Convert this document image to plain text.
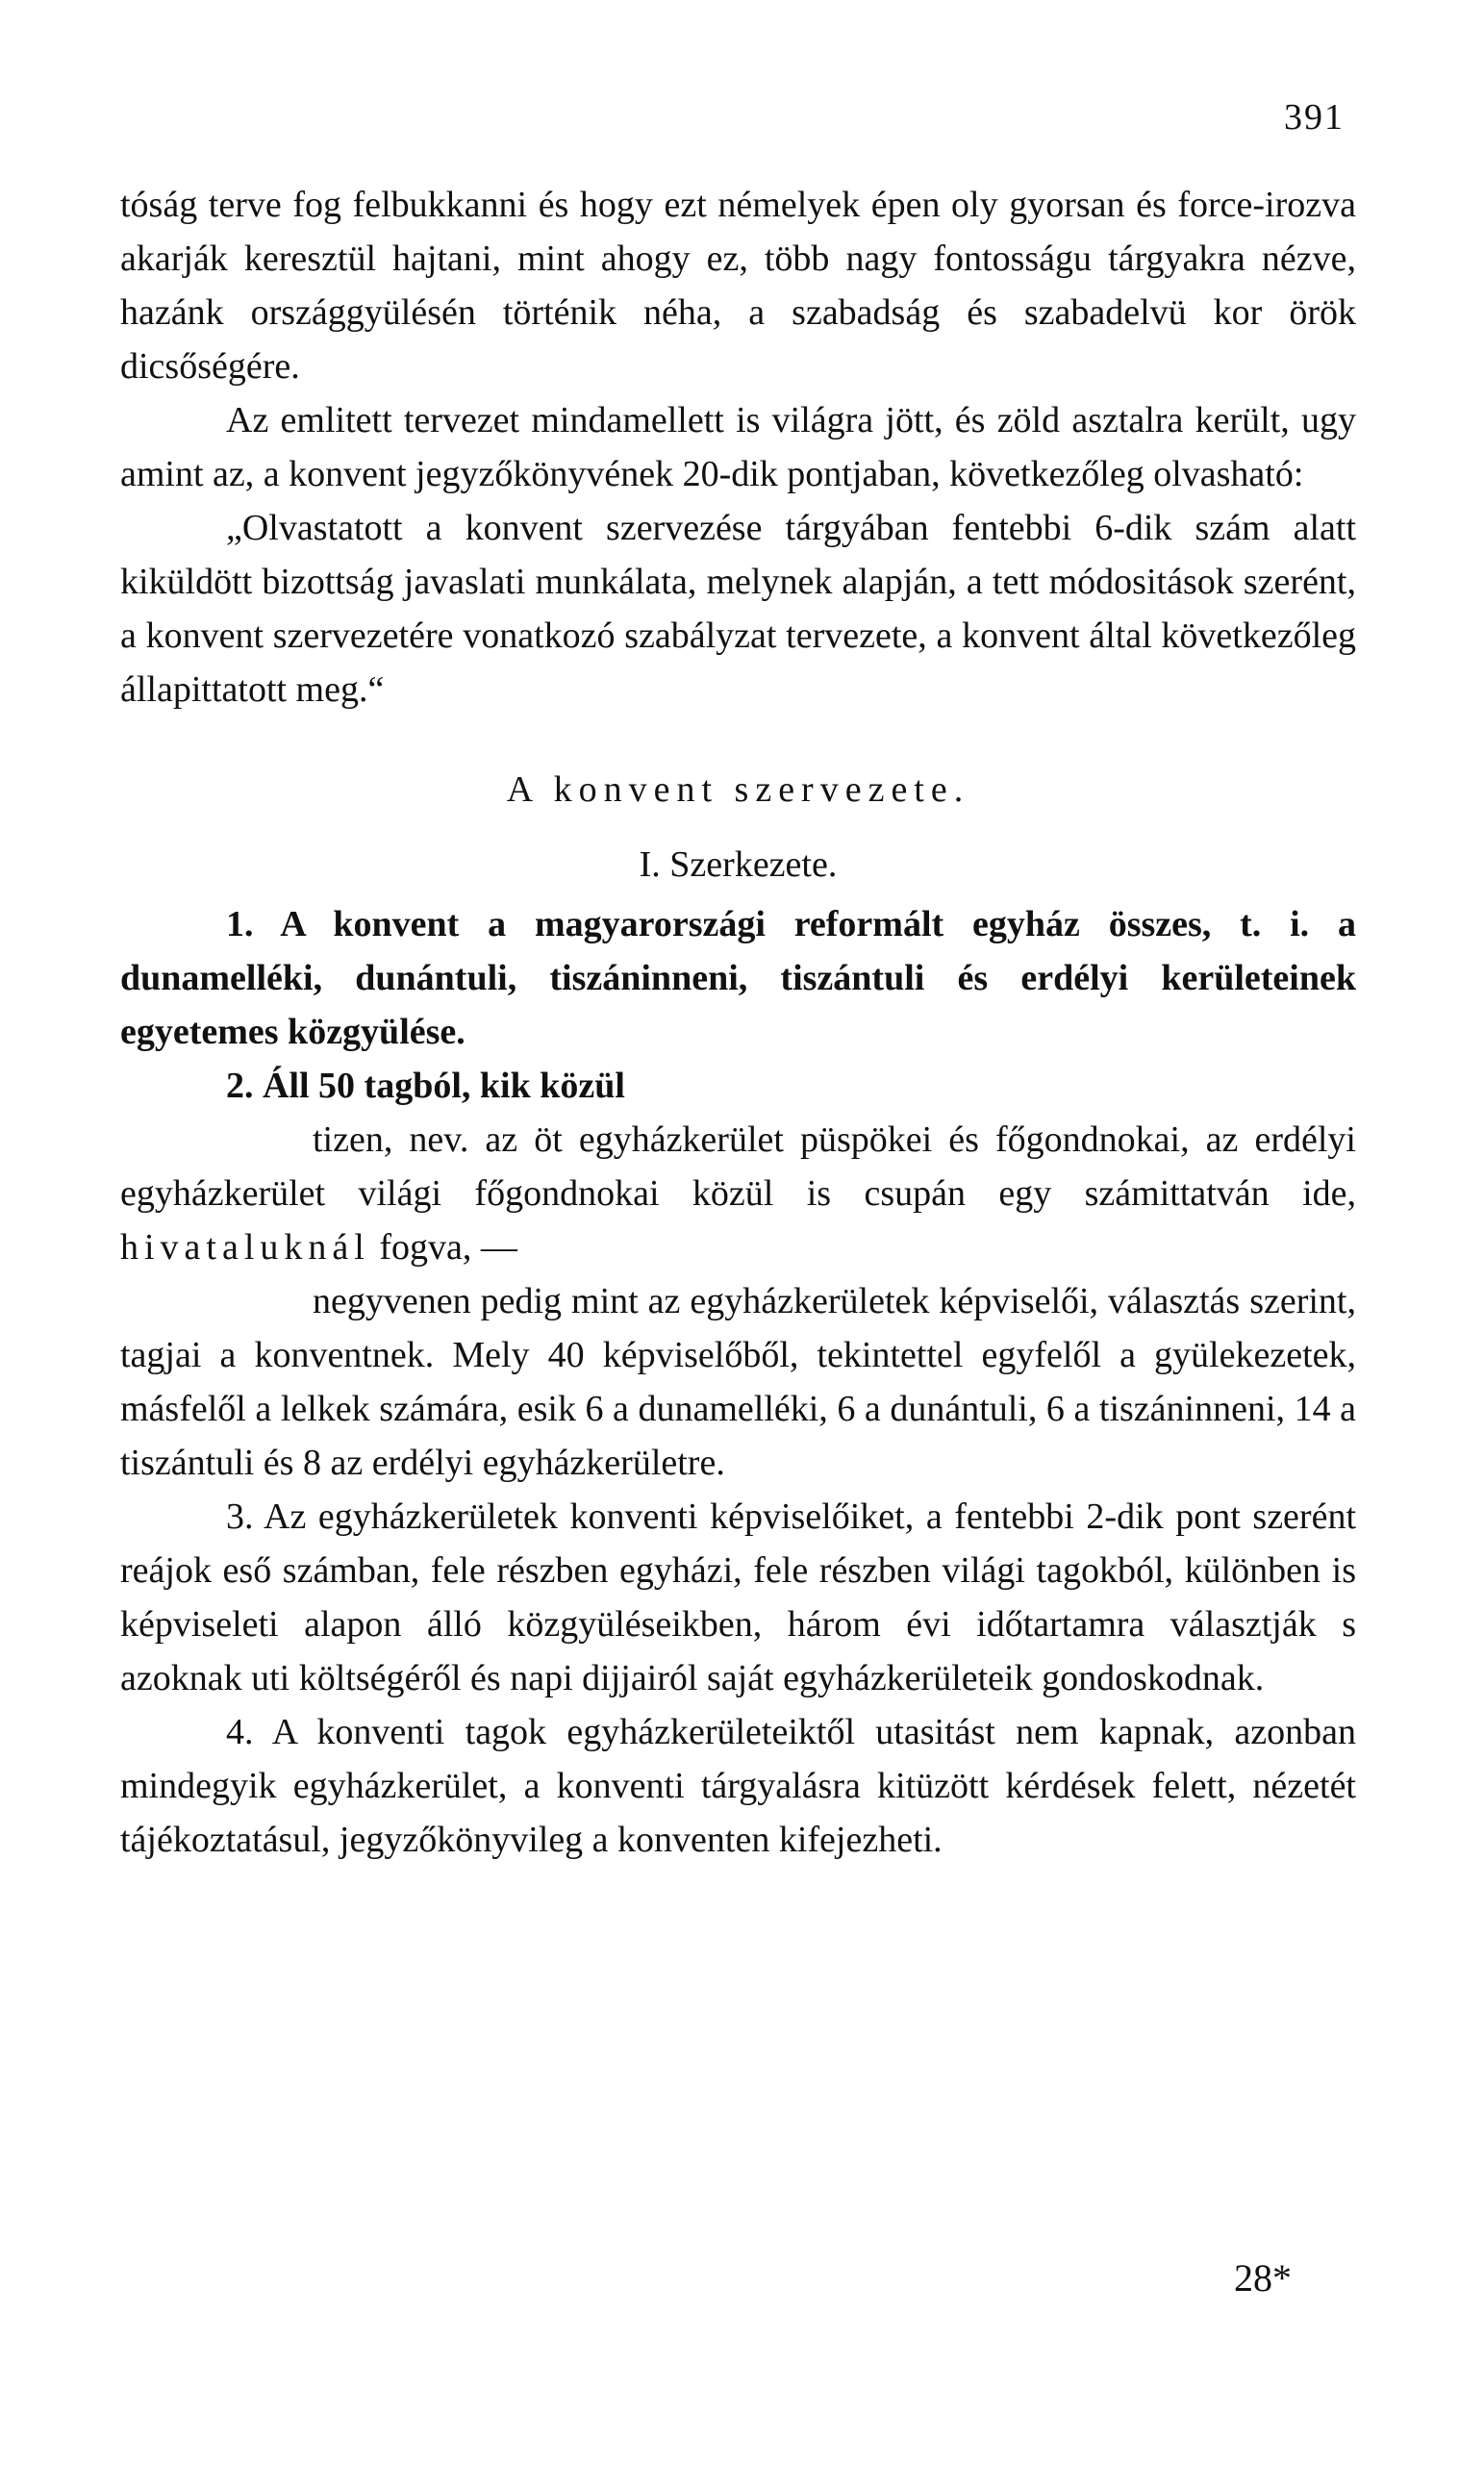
391

tóság terve fog felbukkanni és hogy ezt némelyek épen oly gyorsan és force-irozva akarják keresztül hajtani, mint ahogy ez, több nagy fontosságu tárgyakra nézve, hazánk országgyülésén történik néha, a szabadság és szabadelvü kor örök dicsőségére.

Az emlitett tervezet mindamellett is világra jött, és zöld asztalra került, ugy amint az, a konvent jegyzőkönyvének 20-dik pontjaban, következőleg olvasható:

„Olvastatott a konvent szervezése tárgyában fentebbi 6-dik szám alatt kiküldött bizottság javaslati munkálata, melynek alapján, a tett módositások szerént, a konvent szervezetére vonatkozó szabályzat tervezete, a konvent által következőleg állapittatott meg.“

A konvent szervezete.

I. Szerkezete.

1. A konvent a magyarországi reformált egyház összes, t. i. a dunamelléki, dunántuli, tiszáninneni, tiszántuli és erdélyi kerületeinek egyetemes közgyülése.

2. Áll 50 tagból, kik közül

tizen, nev. az öt egyházkerület püspökei és főgondnokai, az erdélyi egyházkerület világi főgondnokai közül is csupán egy számittatván ide, hivataluknál fogva, —

negyvenen pedig mint az egyházkerületek képviselői, választás szerint, tagjai a konventnek. Mely 40 képviselőből, tekintettel egyfelől a gyülekezetek, másfelől a lelkek számára, esik 6 a dunamelléki, 6 a dunántuli, 6 a tiszáninneni, 14 a tiszántuli és 8 az erdélyi egyházkerületre.

3. Az egyházkerületek konventi képviselőiket, a fentebbi 2-dik pont szerént reájok eső számban, fele részben egyházi, fele részben világi tagokból, különben is képviseleti alapon álló közgyüléseikben, három évi időtartamra választják s azoknak uti költségéről és napi dijjairól saját egyházkerületeik gondoskodnak.

4. A konventi tagok egyházkerületeiktől utasitást nem kapnak, azonban mindegyik egyházkerület, a konventi tárgyalásra kitüzött kérdések felett, nézetét tájékoztatásul, jegyzőkönyvileg a konventen kifejezheti.

28*
